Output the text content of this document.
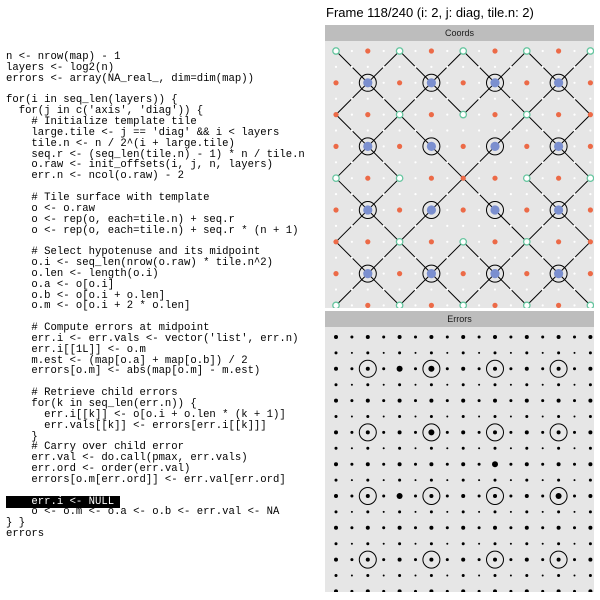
n <- nrow(map) - 1
layers <- log2(n)
errors <- array(NA_real_, dim=dim(map))
for(i in seq_len(layers)) {
for(j in c('axis', 'diag')) {
# Initialize template tile
large.tile <- j == 'diag' && i < layers
tile.n <- n / 2^(i + large.tile)
seq.r <- (seq_len(tile.n) - 1) * n / tile.n
o.raw <- init_offsets(i, j, n, layers)
err.n <- ncol(o.raw) - 2
# Tile surface with template
o <- o.raw
o <- rep(o, each=tile.n) + seq.r
o <- rep(o, each=tile.n) + seq.r * (n + 1)
# Select hypotenuse and its midpoint
o.i <- seq_len(nrow(o.raw) * tile.n^2)
o.len <- length(o.i)
o.a <- o[o.i]
o.b <- o[o.i + o.len]
o.m <- o[o.i + 2 * o.len]
# Compute errors at midpoint
err.i <- err.vals <- vector('list', err.n)
err.i[[1L]] <- o.m
m.est <- (map[o.a] + map[o.b]) / 2
errors[o.m] <- abs(map[o.m] - m.est)
# Retrieve child errors
for(k in seq_len(err.n)) {
err.i[[k]] <- o[o.i + o.len * (k + 1)]
err.vals[[k]] <- errors[err.i[[k]]]
}
# Carry over child error
err.val <- do.call(pmax, err.vals)
err.ord <- order(err.val)
errors[o.m[err.ord]] <- err.val[err.ord]
err.i <- NULL
o <- o.m <- o.a <- o.b <- err.val <- NA
} }
errors
Frame 118/240 (i: 2, j: diag, tile.n: 2)
Coords
Errors
